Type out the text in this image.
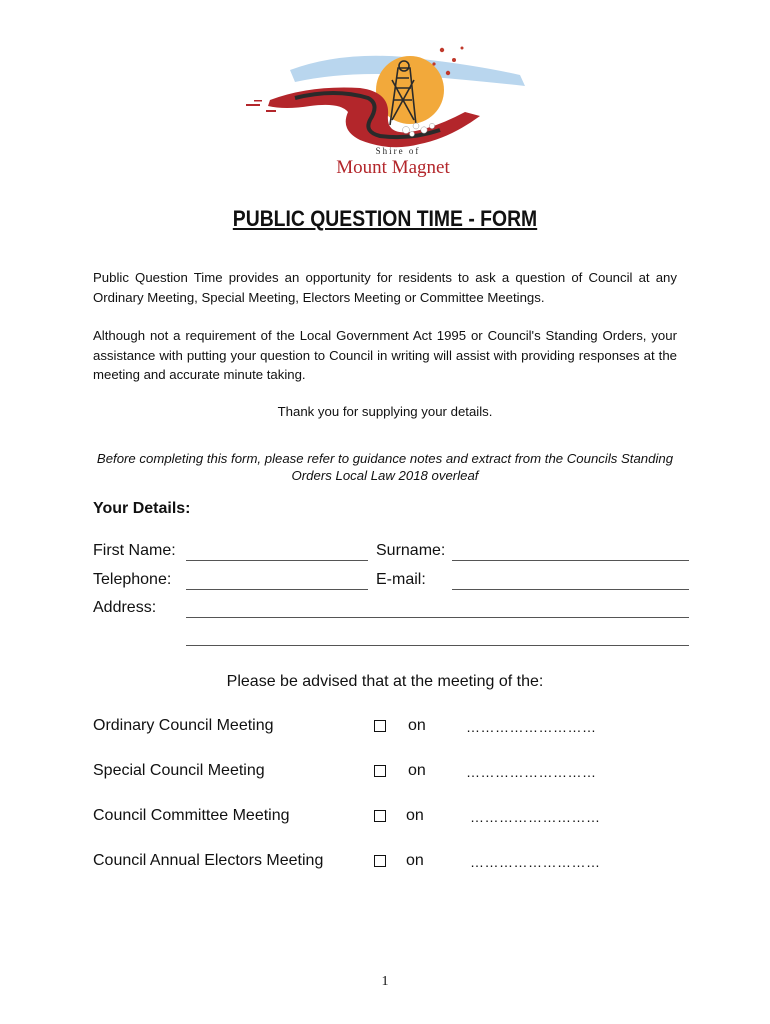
Shire of
Mount Magnet
PUBLIC QUESTION TIME - FORM

Public Question Time provides an opportunity for residents to ask a question of Council at any Ordinary Meeting, Special Meeting, Electors Meeting or Committee Meetings.

Although not a requirement of the Local Government Act 1995 or Council's Standing Orders, your assistance with putting your question to Council in writing will assist with providing responses at the meeting and accurate minute taking.

Thank you for supplying your details.
Before completing this form, please refer to guidance notes and extract from the Councils Standing
Orders Local Law 2018 overleaf
Your Details:
First Name:	Surname:
Telephone:	E-mail:
Address:
Please be advised that at the meeting of the:
Ordinary Council Meeting	on	………………………
Special Council Meeting	on	………………………
Council Committee Meeting	on	………………………
Council Annual Electors Meeting	on	………………………
1
